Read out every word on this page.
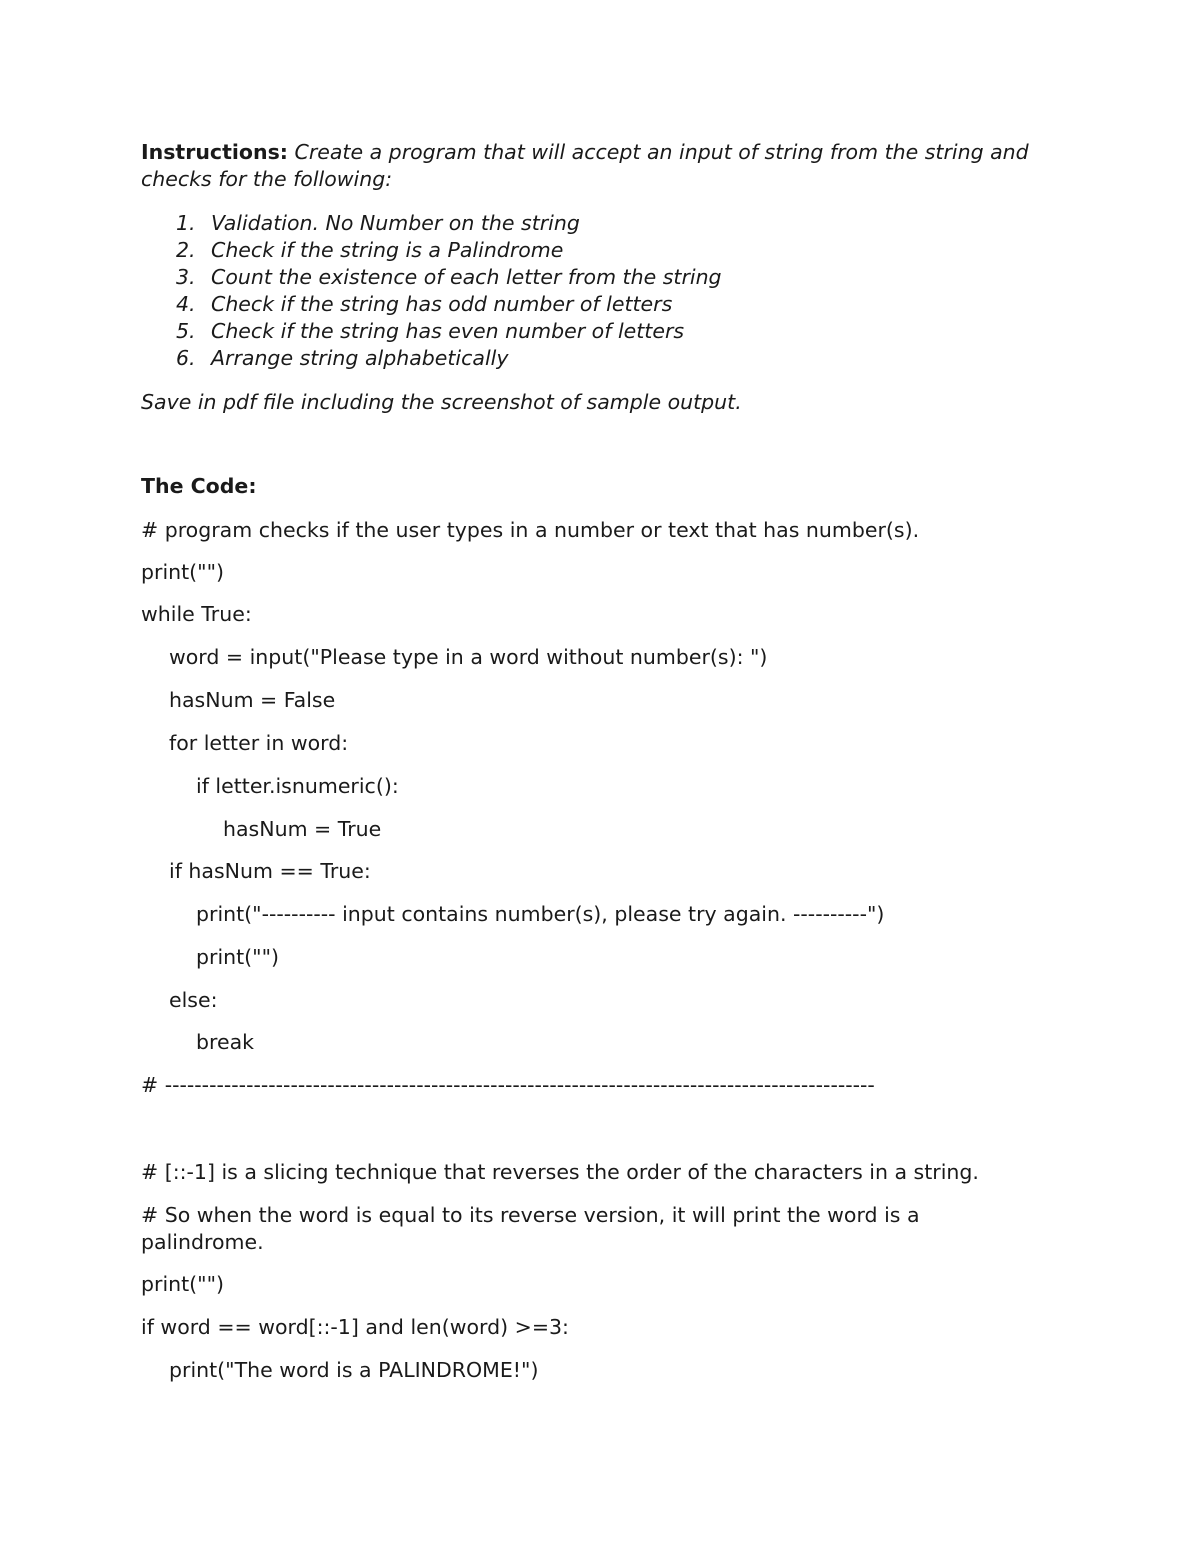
Instructions: Create a program that will accept an input of string from the string and checks for the following:
1. Validation. No Number on the string
2. Check if the string is a Palindrome
3. Count the existence of each letter from the string
4. Check if the string has odd number of letters
5. Check if the string has even number of letters
6. Arrange string alphabetically
Save in pdf file including the screenshot of sample output.
The Code:
# program checks if the user types in a number or text that has number(s).
print("")
while True:
word = input("Please type in a word without number(s): ")
hasNum = False
for letter in word:
if letter.isnumeric():
hasNum = True
if hasNum == True:
print("---------- input contains number(s), please try again. ----------")
print("")
else:
break
# ------------------------------------------------------------------------------------------------
# [::-1] is a slicing technique that reverses the order of the characters in a string.
# So when the word is equal to its reverse version, it will print the word is a palindrome.
print("")
if word == word[::-1] and len(word) >=3:
print("The word is a PALINDROME!")
